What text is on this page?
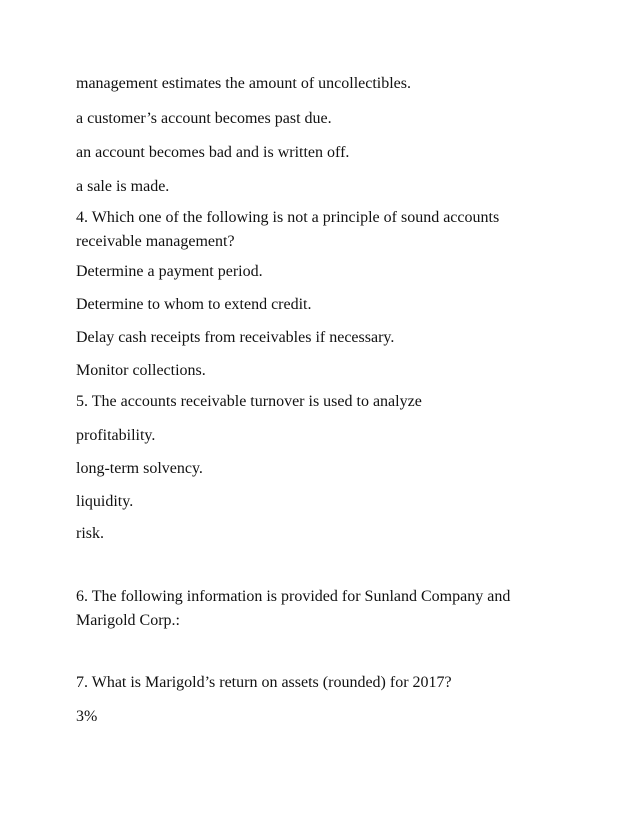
management estimates the amount of uncollectibles.
a customer’s account becomes past due.
an account becomes bad and is written off.
a sale is made.
4. Which one of the following is not a principle of sound accounts receivable management?
Determine a payment period.
Determine to whom to extend credit.
Delay cash receipts from receivables if necessary.
Monitor collections.
5. The accounts receivable turnover is used to analyze
profitability.
long-term solvency.
liquidity.
risk.
6. The following information is provided for Sunland Company and Marigold Corp.:
7. What is Marigold’s return on assets (rounded) for 2017?
3%
